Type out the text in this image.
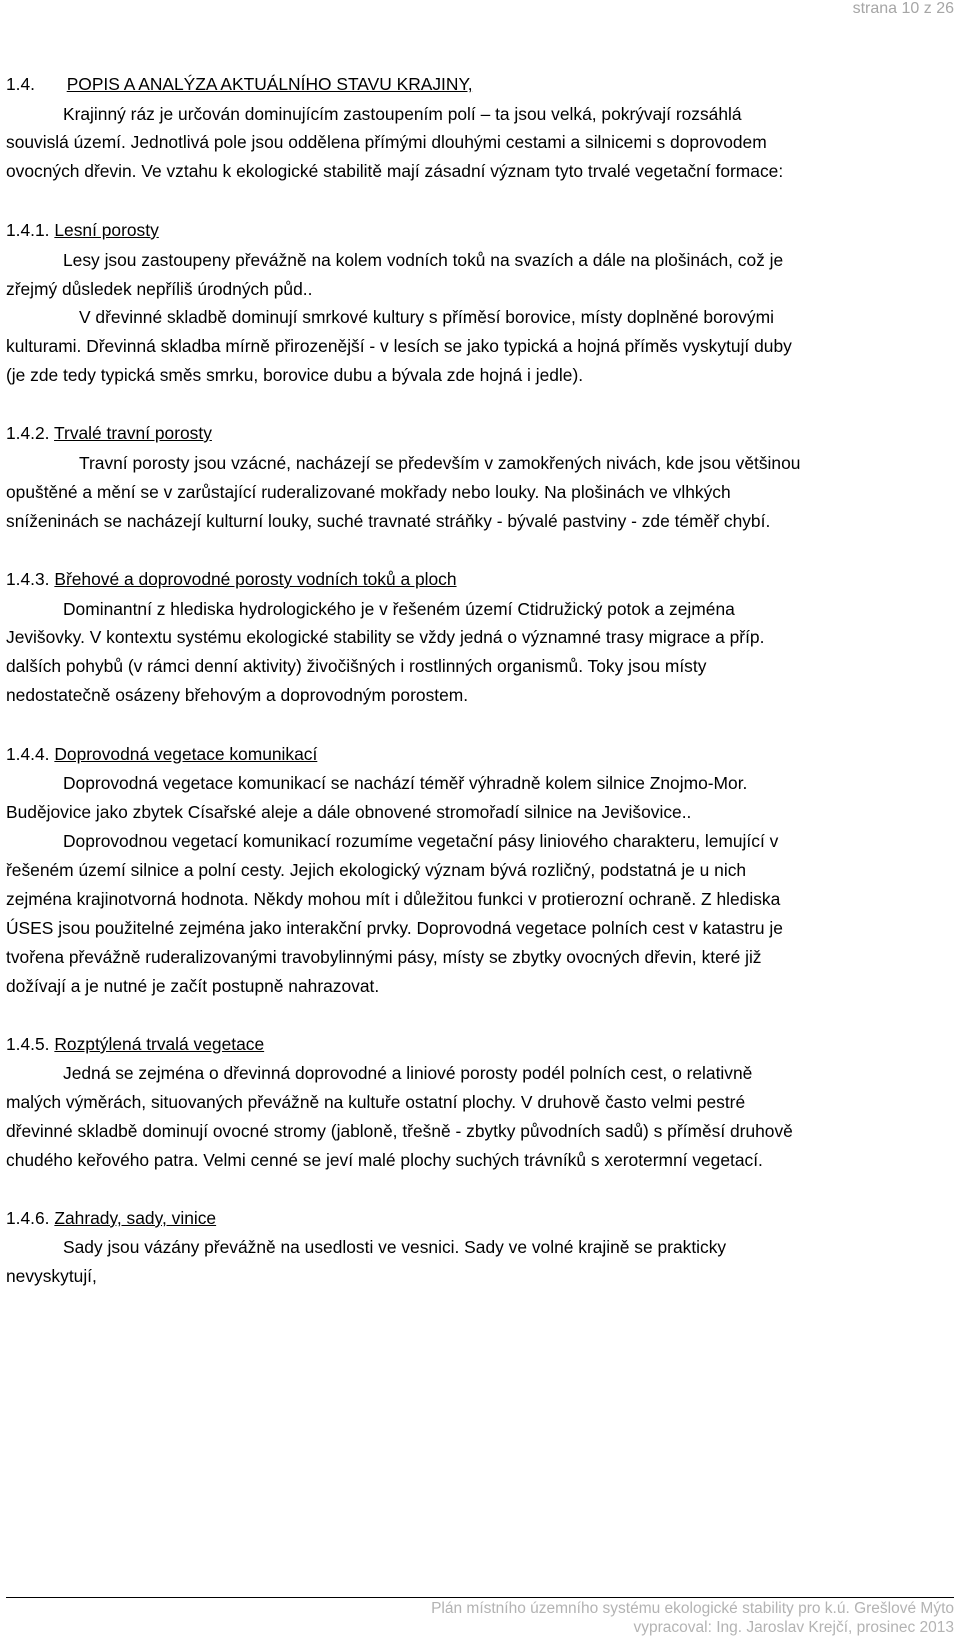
strana 10 z 26
1.4. POPIS A ANALÝZA AKTUÁLNÍHO STAVU KRAJINY,
Krajinný ráz je určován dominujícím zastoupením polí – ta jsou velká, pokrývají rozsáhlá
souvislá území. Jednotlivá pole jsou oddělena přímými dlouhými cestami a silnicemi s doprovodem
ovocných dřevin. Ve vztahu k ekologické stabilitě mají zásadní význam tyto trvalé vegetační formace:
1.4.1. Lesní porosty
Lesy jsou zastoupeny převážně na kolem vodních toků na svazích a dále na plošinách, což je
zřejmý důsledek nepříliš úrodných půd..
V dřevinné skladbě dominují smrkové kultury s příměsí borovice, místy doplněné borovými
kulturami. Dřevinná skladba mírně přirozenější - v lesích se jako typická a hojná příměs vyskytují duby
(je zde tedy typická směs smrku, borovice dubu a bývala zde hojná i jedle).
1.4.2. Trvalé travní porosty
Travní porosty jsou vzácné, nacházejí se především v zamokřených nivách, kde jsou většinou
opuštěné a mění se v zarůstající ruderalizované mokřady nebo louky. Na plošinách ve vlhkých
sníženinách se nacházejí kulturní louky, suché travnaté stráňky - bývalé pastviny - zde téměř chybí.
1.4.3. Břehové a doprovodné porosty vodních toků a ploch
Dominantní z hlediska hydrologického je v řešeném území Ctidružický potok a zejména
Jevišovky. V kontextu systému ekologické stability se vždy jedná o významné trasy migrace a příp.
dalších pohybů (v rámci denní aktivity) živočišných i rostlinných organismů. Toky jsou místy
nedostatečně osázeny břehovým a doprovodným porostem.
1.4.4. Doprovodná vegetace komunikací
Doprovodná vegetace komunikací se nachází téměř výhradně kolem silnice Znojmo-Mor.
Budějovice jako zbytek Císařské aleje a dále obnovené stromořadí silnice na Jevišovice..
Doprovodnou vegetací komunikací rozumíme vegetační pásy liniového charakteru, lemující v
řešeném území silnice a polní cesty. Jejich ekologický význam bývá rozličný, podstatná je u nich
zejména krajinotvorná hodnota. Někdy mohou mít i důležitou funkci v protierozní ochraně. Z hlediska
ÚSES jsou použitelné zejména jako interakční prvky. Doprovodná vegetace polních cest v katastru je
tvořena převážně ruderalizovanými travobylinnými pásy, místy se zbytky ovocných dřevin, které již
dožívají a je nutné je začít postupně nahrazovat.
1.4.5. Rozptýlená trvalá vegetace
Jedná se zejména o dřevinná doprovodné a liniové porosty podél polních cest, o relativně
malých výměrách, situovaných převážně na kultuře ostatní plochy. V druhově často velmi pestré
dřevinné skladbě dominují ovocné stromy (jabloně, třešně - zbytky původních sadů) s příměsí druhově
chudého keřového patra. Velmi cenné se jeví malé plochy suchých trávníků s xerotermní vegetací.
1.4.6. Zahrady, sady, vinice
Sady jsou vázány převážně na usedlosti ve vesnici. Sady ve volné krajině se prakticky
nevyskytují,
Plán místního územního systému ekologické stability pro k.ú. Grešlové Mýto
vypracoval: Ing. Jaroslav Krejčí, prosinec 2013
